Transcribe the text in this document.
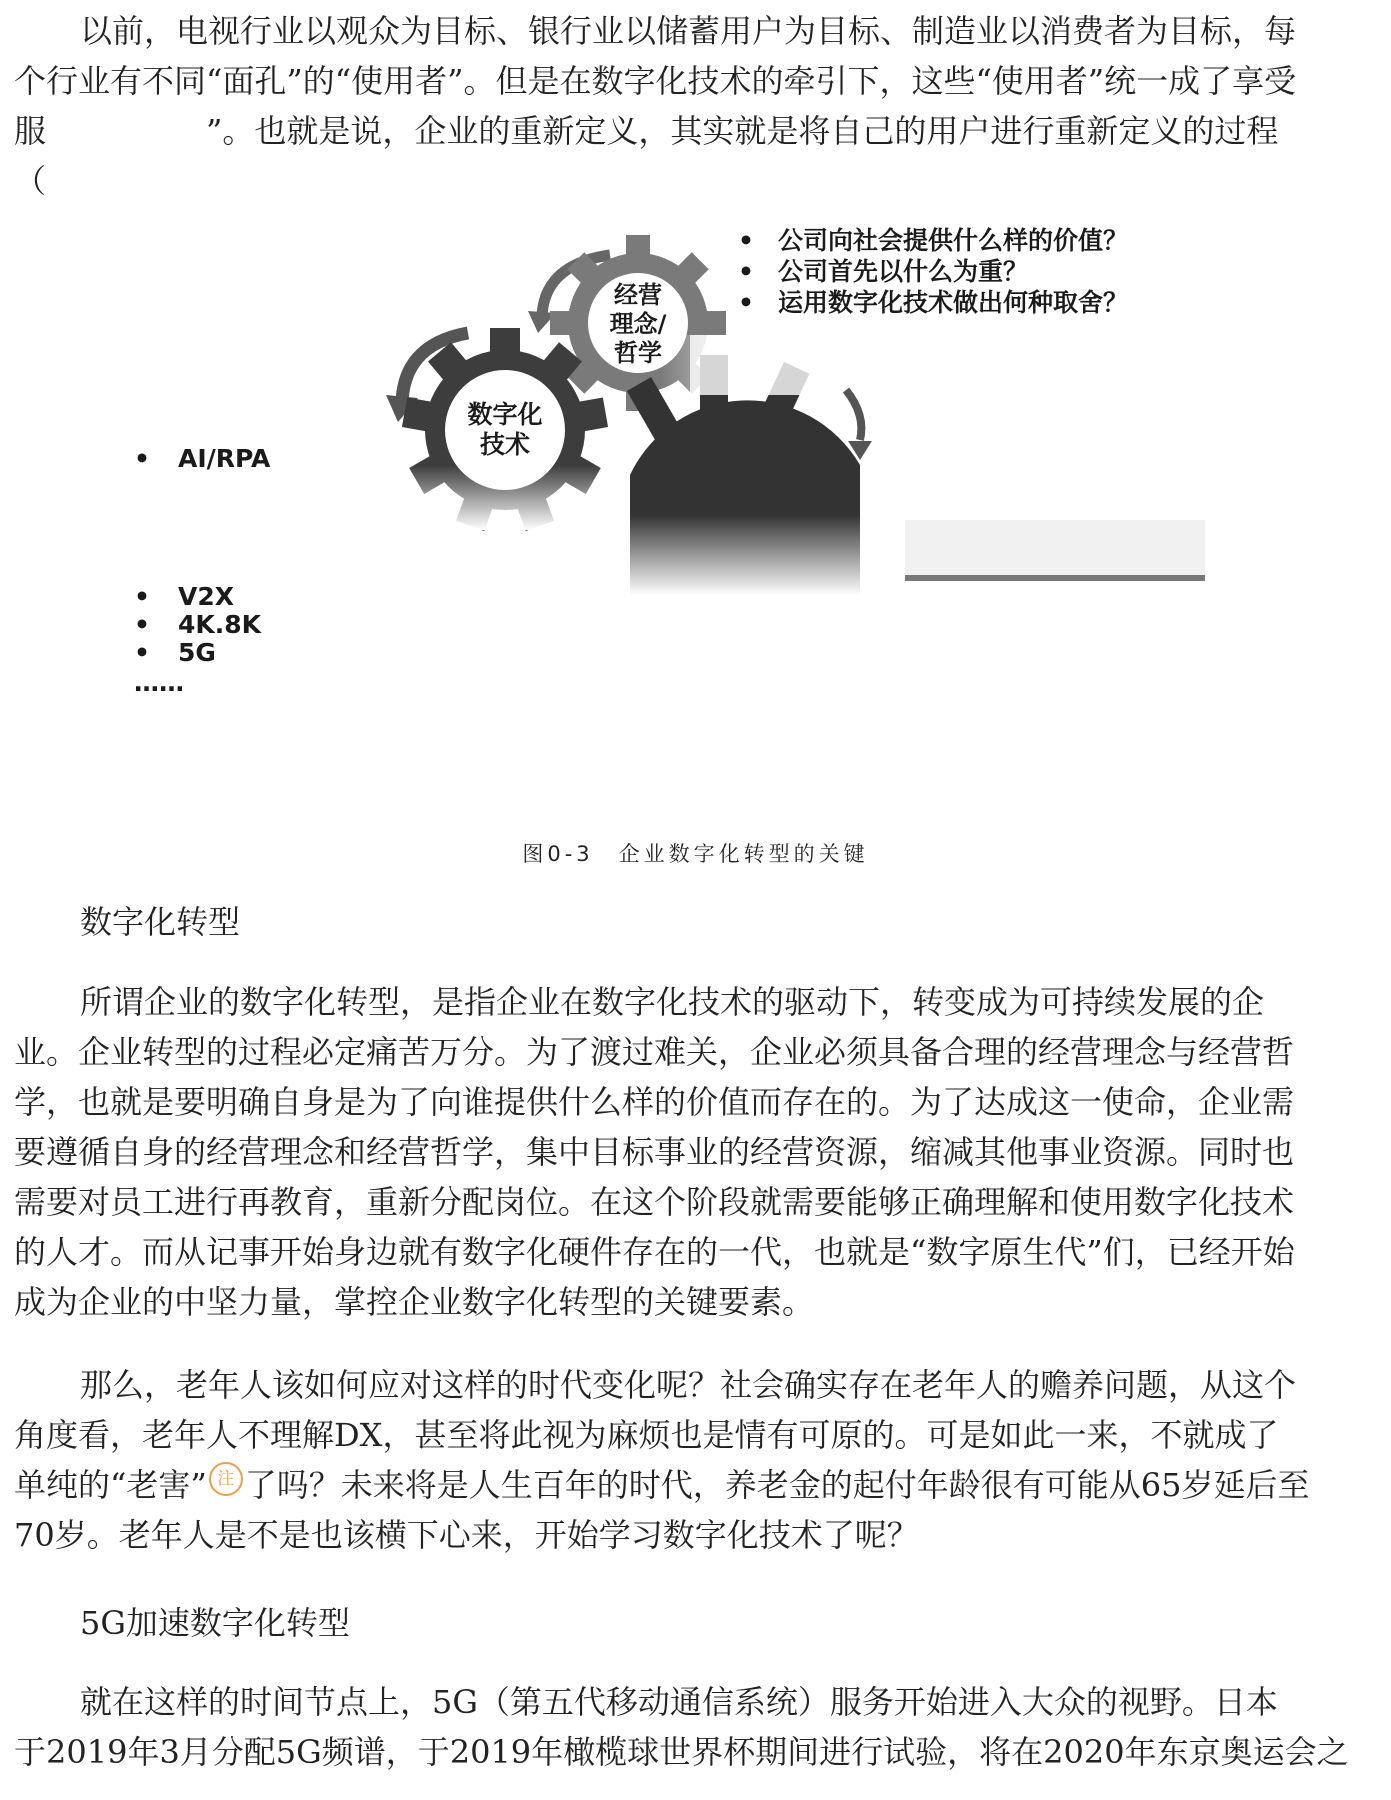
以前，电视行业以观众为目标、银行业以储蓄用户为目标、制造业以消费者为目标，每
个行业有不同“面孔”的“使用者”。但是在数字化技术的牵引下，这些“使用者”统一成了享受
服	”。也就是说，企业的重新定义，其实就是将自己的用户进行重新定义的过程
（

• 公司向社会提供什么样的价值？
• 公司首先以什么为重？
• 运用数字化技术做出何种取舍？
经营
理念/
哲学
数字化
技术
• AI/RPA
• V2X
• 4K.8K
• 5G
……
图0-3　企业数字化转型的关键
数字化转型

所谓企业的数字化转型，是指企业在数字化技术的驱动下，转变成为可持续发展的企
业。企业转型的过程必定痛苦万分。为了渡过难关，企业必须具备合理的经营理念与经营哲
学，也就是要明确自身是为了向谁提供什么样的价值而存在的。为了达成这一使命，企业需
要遵循自身的经营理念和经营哲学，集中目标事业的经营资源，缩减其他事业资源。同时也
需要对员工进行再教育，重新分配岗位。在这个阶段就需要能够正确理解和使用数字化技术
的人才。而从记事开始身边就有数字化硬件存在的一代，也就是“数字原生代”们，已经开始
成为企业的中坚力量，掌控企业数字化转型的关键要素。

那么，老年人该如何应对这样的时代变化呢？社会确实存在老年人的赡养问题，从这个
角度看，老年人不理解DX，甚至将此视为麻烦也是情有可原的。可是如此一来，不就成了
单纯的“老害” 注 了吗？未来将是人生百年的时代，养老金的起付年龄很有可能从65岁延后至
70岁。老年人是不是也该横下心来，开始学习数字化技术了呢？

5G加速数字化转型

就在这样的时间节点上，5G（第五代移动通信系统）服务开始进入大众的视野。日本
于2019年3月分配5G频谱，于2019年橄榄球世界杯期间进行试验，将在2020年东京奥运会之
